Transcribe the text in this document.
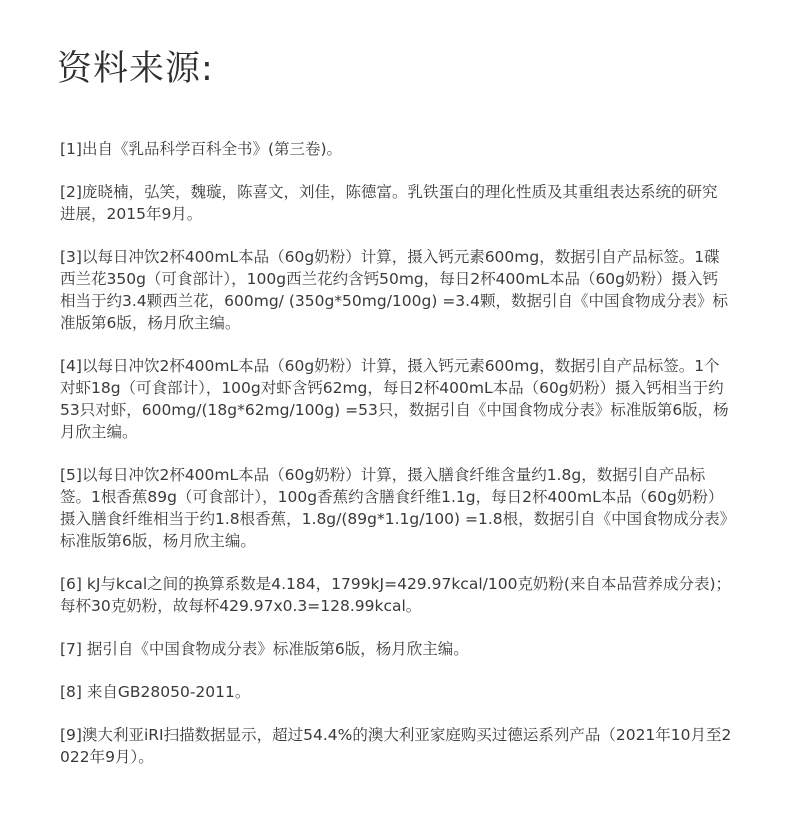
资料来源:
[1]出自《乳品科学百科全书》(第三卷)。
[2]庞晓楠，弘笑，魏璇，陈喜文，刘佳，陈德富。乳铁蛋白的理化性质及其重组表达系统的研究进展，2015年9月。
[3]以每日冲饮2杯400mL本品（60g奶粉）计算，摄入钙元素600mg，数据引自产品标签。1碟西兰花350g（可食部计），100g西兰花约含钙50mg，每日2杯400mL本品（60g奶粉）摄入钙相当于约3.4颗西兰花，600mg/ (350g*50mg/100g) =3.4颗，数据引自《中国食物成分表》标准版第6版，杨月欣主编。
[4]以每日冲饮2杯400mL本品（60g奶粉）计算，摄入钙元素600mg，数据引自产品标签。1个对虾18g（可食部计），100g对虾含钙62mg，每日2杯400mL本品（60g奶粉）摄入钙相当于约53只对虾，600mg/(18g*62mg/100g) =53只，数据引自《中国食物成分表》标准版第6版，杨月欣主编。
[5]以每日冲饮2杯400mL本品（60g奶粉）计算，摄入膳食纤维含量约1.8g，数据引自产品标签。1根香蕉89g（可食部计），100g香蕉约含膳食纤维1.1g，每日2杯400mL本品（60g奶粉）摄入膳食纤维相当于约1.8根香蕉，1.8g/(89g*1.1g/100) =1.8根，数据引自《中国食物成分表》标准版第6版，杨月欣主编。
[6] kJ与kcal之间的换算系数是4.184，1799kJ=429.97kcal/100克奶粉(来自本品营养成分表)；每杯30克奶粉，故每杯429.97x0.3=128.99kcal。
[7] 据引自《中国食物成分表》标准版第6版，杨月欣主编。
[8] 来自GB28050-2011。
[9]澳大利亚iRI扫描数据显示，超过54.4%的澳大利亚家庭购买过德运系列产品（2021年10月至2022年9月）。
